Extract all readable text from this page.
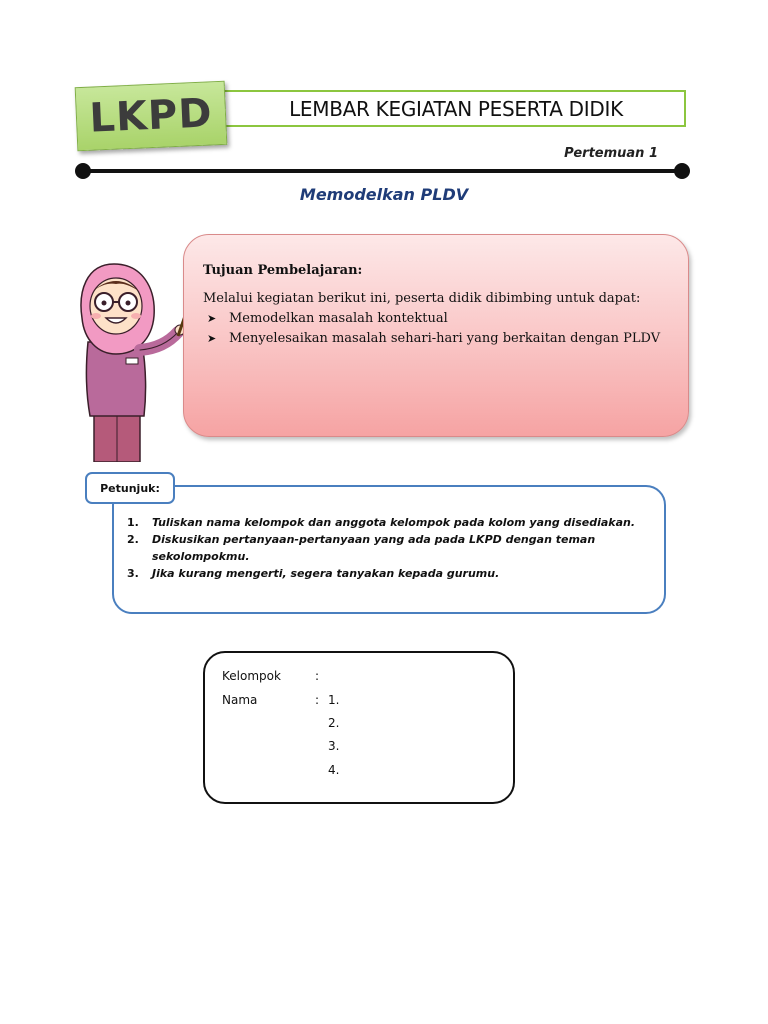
LEMBAR KEGIATAN PESERTA DIDIK
LKPD
Pertemuan 1
Memodelkan PLDV
Tujuan Pembelajaran:
Melalui kegiatan berikut ini, peserta didik dibimbing untuk dapat:
➤ Memodelkan masalah kontektual
➤ Menyelesaikan masalah sehari-hari yang berkaitan dengan PLDV
Petunjuk:
1.	Tuliskan nama kelompok dan anggota kelompok pada kolom yang disediakan.
2.	Diskusikan pertanyaan-pertanyaan yang ada pada LKPD dengan teman sekolompokmu.
3.	Jika kurang mengerti, segera tanyakan kepada gurumu.
Kelompok	:
Nama	: 1.
2.
3.
4.
